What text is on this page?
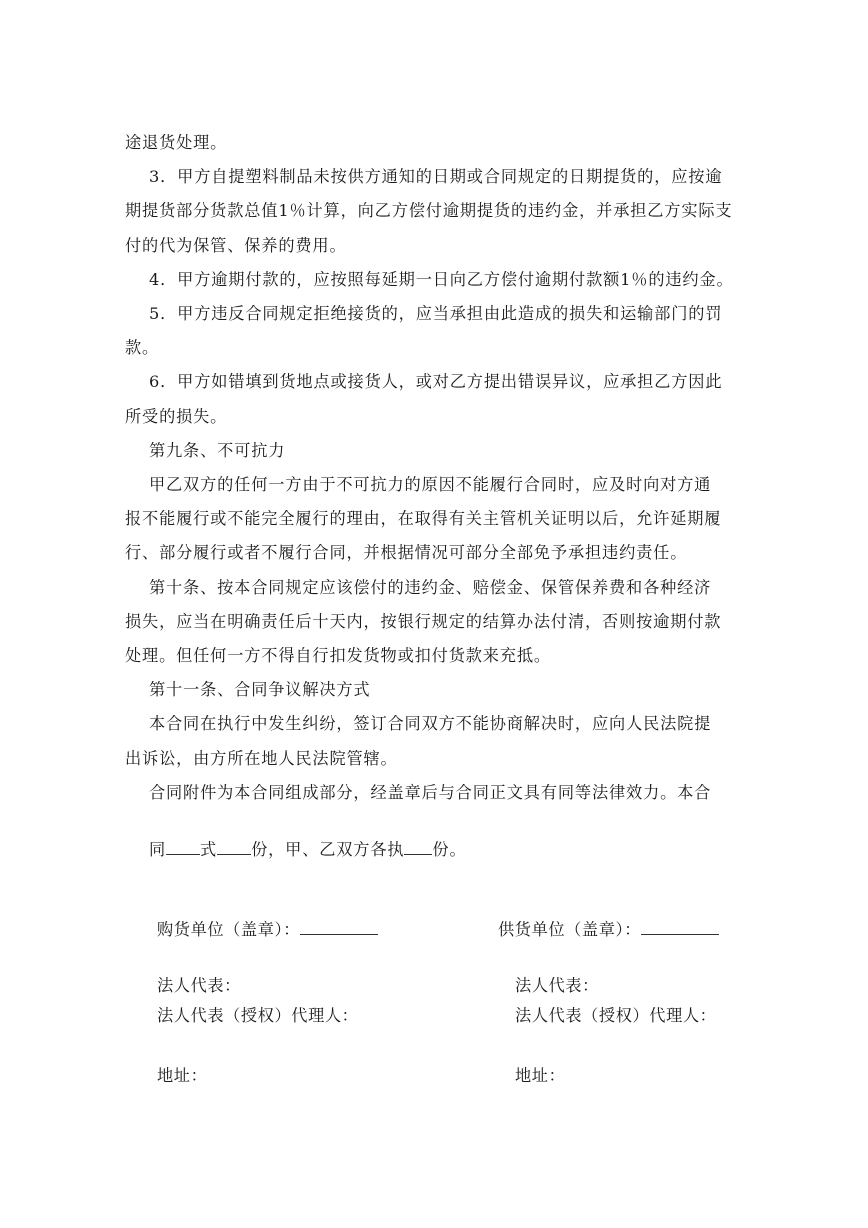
途退货处理。
3．甲方自提塑料制品未按供方通知的日期或合同规定的日期提货的，应按逾
期提货部分货款总值1％计算，向乙方偿付逾期提货的违约金，并承担乙方实际支
付的代为保管、保养的费用。
4．甲方逾期付款的，应按照每延期一日向乙方偿付逾期付款额1％的违约金。
5．甲方违反合同规定拒绝接货的，应当承担由此造成的损失和运输部门的罚
款。
6．甲方如错填到货地点或接货人，或对乙方提出错误异议，应承担乙方因此
所受的损失。
第九条、不可抗力
甲乙双方的任何一方由于不可抗力的原因不能履行合同时，应及时向对方通
报不能履行或不能完全履行的理由，在取得有关主管机关证明以后，允许延期履
行、部分履行或者不履行合同，并根据情况可部分全部免予承担违约责任。
第十条、按本合同规定应该偿付的违约金、赔偿金、保管保养费和各种经济
损失，应当在明确责任后十天内，按银行规定的结算办法付清，否则按逾期付款
处理。但任何一方不得自行扣发货物或扣付货款来充抵。
第十一条、合同争议解决方式
本合同在执行中发生纠纷，签订合同双方不能协商解决时，应向人民法院提
出诉讼，由方所在地人民法院管辖。
合同附件为本合同组成部分，经盖章后与合同正文具有同等法律效力。本合

同 式 份，甲、乙双方各执 份。

购货单位（盖章）：	供货单位（盖章）：
法人代表：	法人代表：
法人代表（授权）代理人：	法人代表（授权）代理人：
地址：	地址：
